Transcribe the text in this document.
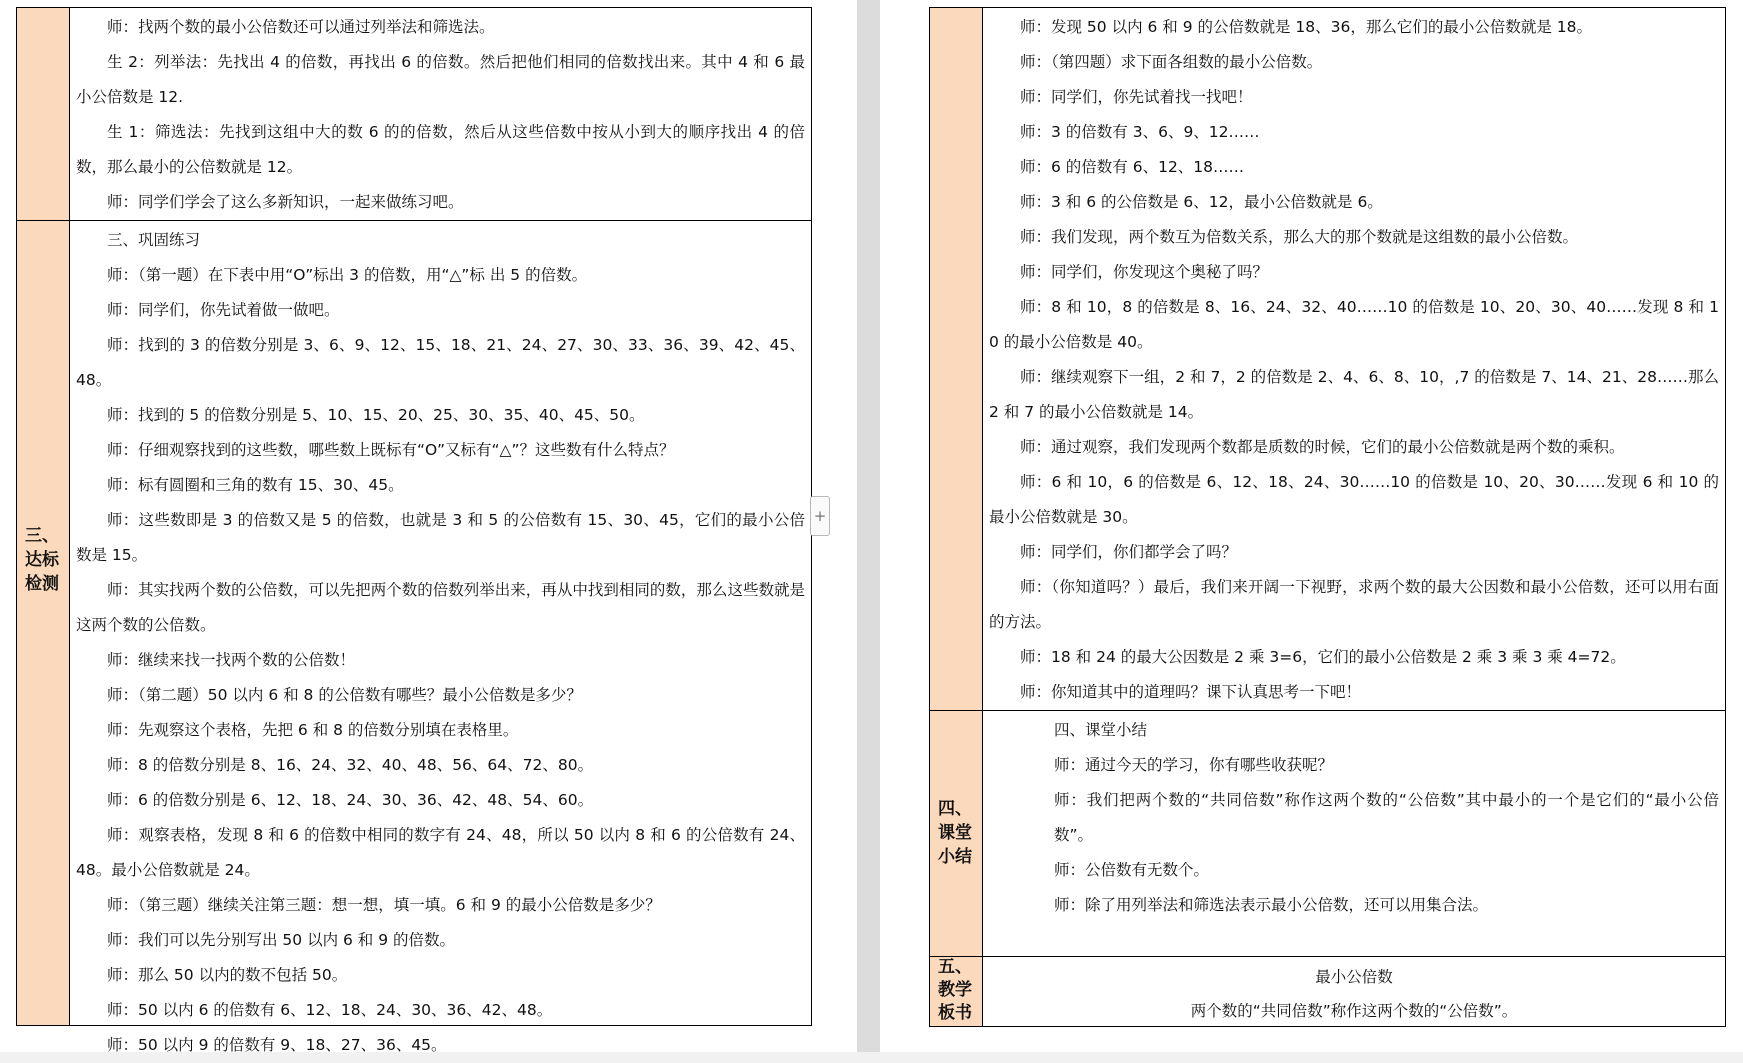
师：找两个数的最小公倍数还可以通过列举法和筛选法。

生 2：列举法：先找出 4 的倍数，再找出 6 的倍数。然后把他们相同的倍数找出来。其中 4 和 6 最小公倍数是 12.

生 1：筛选法：先找到这组中大的数 6 的的倍数，然后从这些倍数中按从小到大的顺序找出 4 的倍数，那么最小的公倍数就是 12。

师：同学们学会了这么多新知识，一起来做练习吧。

三、
达标
检测

三、巩固练习

师：（第一题）在下表中用“O”标出 3 的倍数，用“△”标 出 5 的倍数。

师：同学们，你先试着做一做吧。

师：找到的 3 的倍数分别是 3、6、9、12、15、18、21、24、27、30、33、36、39、42、45、48。

师：找到的 5 的倍数分别是 5、10、15、20、25、30、35、40、45、50。

师：仔细观察找到的这些数，哪些数上既标有“O”又标有“△”？这些数有什么特点？

师：标有圆圈和三角的数有 15、30、45。

师：这些数即是 3 的倍数又是 5 的倍数，也就是 3 和 5 的公倍数有 15、30、45，它们的最小公倍数是 15。

师：其实找两个数的公倍数，可以先把两个数的倍数列举出来，再从中找到相同的数，那么这些数就是这两个数的公倍数。

师：继续来找一找两个数的公倍数！

师：（第二题）50 以内 6 和 8 的公倍数有哪些？最小公倍数是多少？

师：先观察这个表格，先把 6 和 8 的倍数分别填在表格里。

师：8 的倍数分别是 8、16、24、32、40、48、56、64、72、80。

师：6 的倍数分别是 6、12、18、24、30、36、42、48、54、60。

师：观察表格，发现 8 和 6 的倍数中相同的数字有 24、48，所以 50 以内 8 和 6 的公倍数有 24、48。最小公倍数就是 24。

师：（第三题）继续关注第三题：想一想，填一填。6 和 9 的最小公倍数是多少？

师：我们可以先分别写出 50 以内 6 和 9 的倍数。

师：那么 50 以内的数不包括 50。

师：50 以内 6 的倍数有 6、12、18、24、30、36、42、48。

师：50 以内 9 的倍数有 9、18、27、36、45。

+

师：发现 50 以内 6 和 9 的公倍数就是 18、36，那么它们的最小公倍数就是 18。

师：（第四题）求下面各组数的最小公倍数。

师：同学们，你先试着找一找吧！

师：3 的倍数有 3、6、9、12……

师：6 的倍数有 6、12、18……

师：3 和 6 的公倍数是 6、12，最小公倍数就是 6。

师：我们发现，两个数互为倍数关系，那么大的那个数就是这组数的最小公倍数。

师：同学们，你发现这个奥秘了吗？

师：8 和 10，8 的倍数是 8、16、24、32、40……10 的倍数是 10、20、30、40……发现 8 和 10 的最小公倍数是 40。

师：继续观察下一组，2 和 7，2 的倍数是 2、4、6、8、10，,7 的倍数是 7、14、21、28……那么 2 和 7 的最小公倍数就是 14。

师：通过观察，我们发现两个数都是质数的时候，它们的最小公倍数就是两个数的乘积。

师：6 和 10，6 的倍数是 6、12、18、24、30……10 的倍数是 10、20、30……发现 6 和 10 的最小公倍数就是 30。

师：同学们，你们都学会了吗？

师：（你知道吗？）最后，我们来开阔一下视野，求两个数的最大公因数和最小公倍数，还可以用右面的方法。

师：18 和 24 的最大公因数是 2 乘 3=6，它们的最小公倍数是 2 乘 3 乘 3 乘 4=72。

师：你知道其中的道理吗？课下认真思考一下吧！

四、
课堂
小结

四、课堂小结

师：通过今天的学习，你有哪些收获呢？

师：我们把两个数的“共同倍数”称作这两个数的“公倍数”其中最小的一个是它们的“最小公倍数”。

师：公倍数有无数个。

师：除了用列举法和筛选法表示最小公倍数，还可以用集合法。

五、
教学
板书

最小公倍数

两个数的“共同倍数”称作这两个数的“公倍数”。
